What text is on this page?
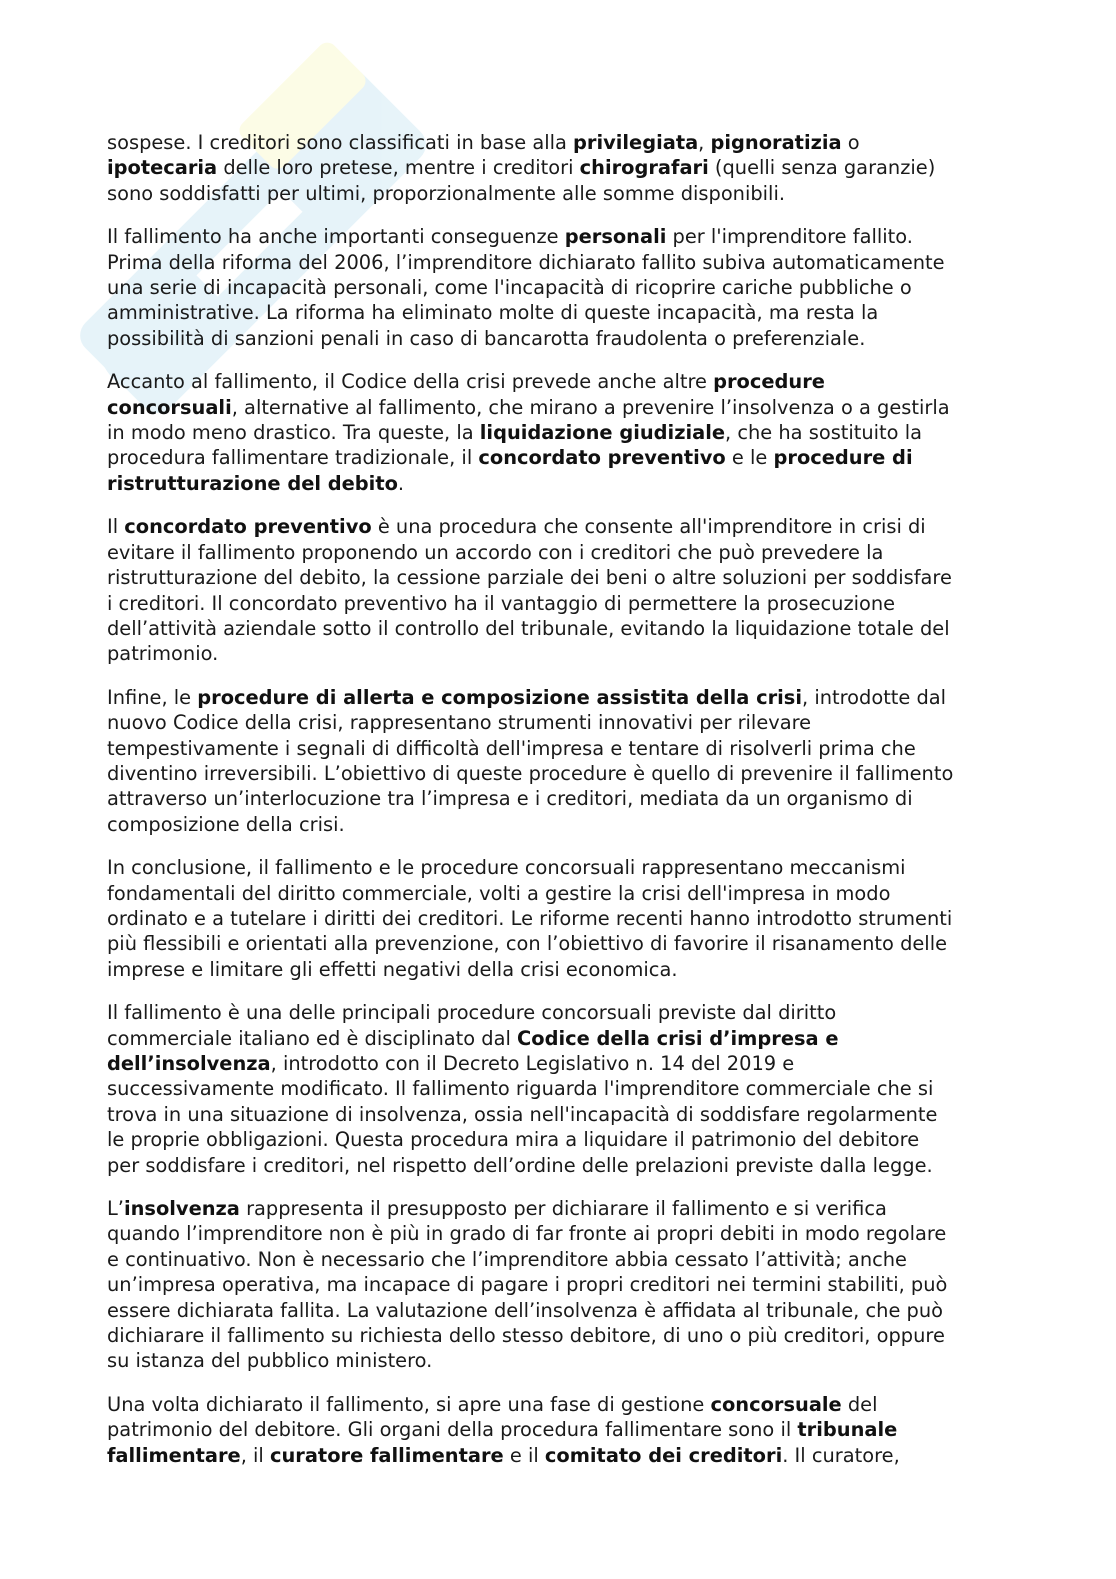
sospese. I creditori sono classificati in base alla privilegiata, pignoratizia o
ipotecaria delle loro pretese, mentre i creditori chirografari (quelli senza garanzie)
sono soddisfatti per ultimi, proporzionalmente alle somme disponibili.

Il fallimento ha anche importanti conseguenze personali per l'imprenditore fallito.
Prima della riforma del 2006, l’imprenditore dichiarato fallito subiva automaticamente
una serie di incapacità personali, come l'incapacità di ricoprire cariche pubbliche o
amministrative. La riforma ha eliminato molte di queste incapacità, ma resta la
possibilità di sanzioni penali in caso di bancarotta fraudolenta o preferenziale.

Accanto al fallimento, il Codice della crisi prevede anche altre procedure
concorsuali, alternative al fallimento, che mirano a prevenire l’insolvenza o a gestirla
in modo meno drastico. Tra queste, la liquidazione giudiziale, che ha sostituito la
procedura fallimentare tradizionale, il concordato preventivo e le procedure di
ristrutturazione del debito.

Il concordato preventivo è una procedura che consente all'imprenditore in crisi di
evitare il fallimento proponendo un accordo con i creditori che può prevedere la
ristrutturazione del debito, la cessione parziale dei beni o altre soluzioni per soddisfare
i creditori. Il concordato preventivo ha il vantaggio di permettere la prosecuzione
dell’attività aziendale sotto il controllo del tribunale, evitando la liquidazione totale del
patrimonio.

Infine, le procedure di allerta e composizione assistita della crisi, introdotte dal
nuovo Codice della crisi, rappresentano strumenti innovativi per rilevare
tempestivamente i segnali di difficoltà dell'impresa e tentare di risolverli prima che
diventino irreversibili. L’obiettivo di queste procedure è quello di prevenire il fallimento
attraverso un’interlocuzione tra l’impresa e i creditori, mediata da un organismo di
composizione della crisi.

In conclusione, il fallimento e le procedure concorsuali rappresentano meccanismi
fondamentali del diritto commerciale, volti a gestire la crisi dell'impresa in modo
ordinato e a tutelare i diritti dei creditori. Le riforme recenti hanno introdotto strumenti
più flessibili e orientati alla prevenzione, con l’obiettivo di favorire il risanamento delle
imprese e limitare gli effetti negativi della crisi economica.

Il fallimento è una delle principali procedure concorsuali previste dal diritto
commerciale italiano ed è disciplinato dal Codice della crisi d’impresa e
dell’insolvenza, introdotto con il Decreto Legislativo n. 14 del 2019 e
successivamente modificato. Il fallimento riguarda l'imprenditore commerciale che si
trova in una situazione di insolvenza, ossia nell'incapacità di soddisfare regolarmente
le proprie obbligazioni. Questa procedura mira a liquidare il patrimonio del debitore
per soddisfare i creditori, nel rispetto dell’ordine delle prelazioni previste dalla legge.

L’insolvenza rappresenta il presupposto per dichiarare il fallimento e si verifica
quando l’imprenditore non è più in grado di far fronte ai propri debiti in modo regolare
e continuativo. Non è necessario che l’imprenditore abbia cessato l’attività; anche
un’impresa operativa, ma incapace di pagare i propri creditori nei termini stabiliti, può
essere dichiarata fallita. La valutazione dell’insolvenza è affidata al tribunale, che può
dichiarare il fallimento su richiesta dello stesso debitore, di uno o più creditori, oppure
su istanza del pubblico ministero.

Una volta dichiarato il fallimento, si apre una fase di gestione concorsuale del
patrimonio del debitore. Gli organi della procedura fallimentare sono il tribunale
fallimentare, il curatore fallimentare e il comitato dei creditori. Il curatore,
